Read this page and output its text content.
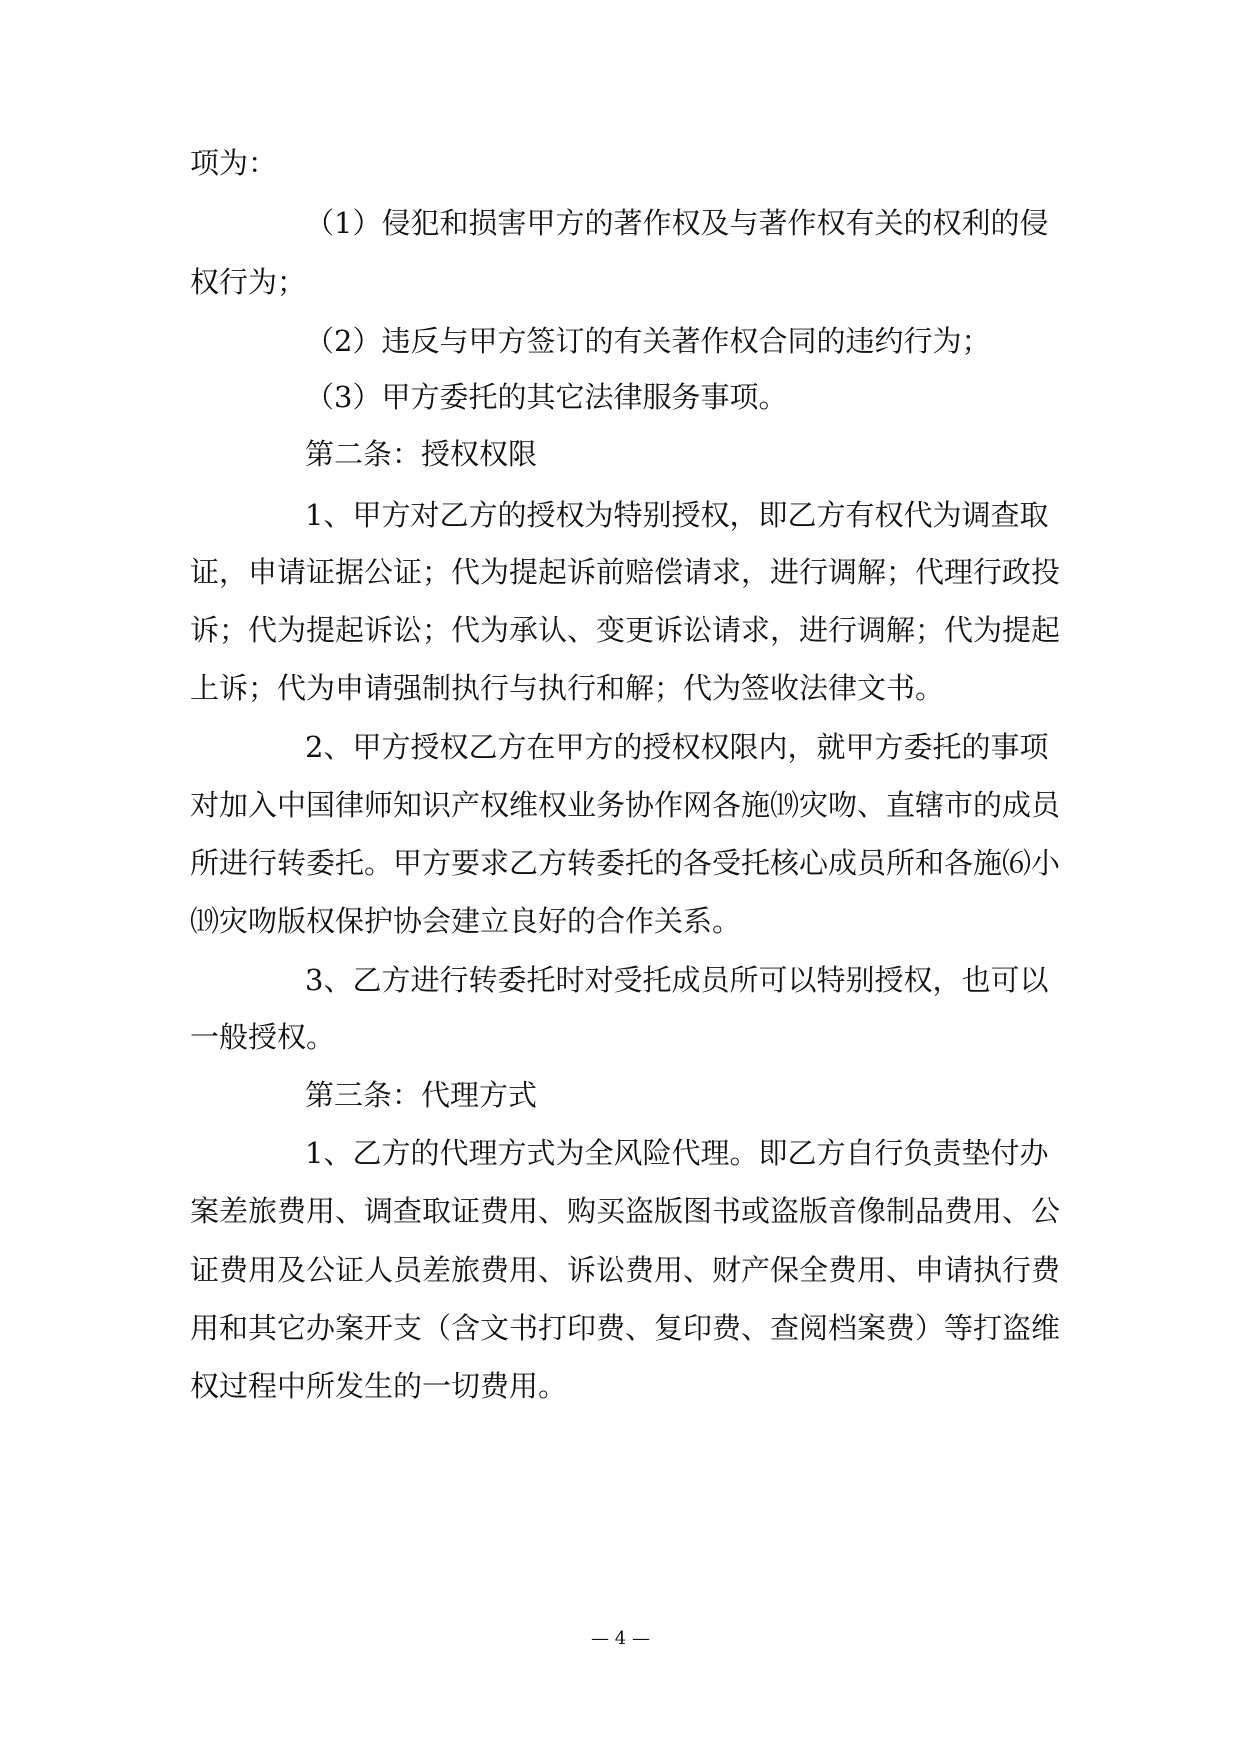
项为：
（1）侵犯和损害甲方的著作权及与著作权有关的权利的侵
权行为；
（2）违反与甲方签订的有关著作权合同的违约行为；
（3）甲方委托的其它法律服务事项。
第二条：授权权限
1、甲方对乙方的授权为特别授权，即乙方有权代为调查取
证，申请证据公证；代为提起诉前赔偿请求，进行调解；代理行政投
诉；代为提起诉讼；代为承认、变更诉讼请求，进行调解；代为提起
上诉；代为申请强制执行与执行和解；代为签收法律文书。
2、甲方授权乙方在甲方的授权权限内，就甲方委托的事项
对加入中国律师知识产权维权业务协作网各施⒆灾吻、直辖市的成员
所进行转委托。甲方要求乙方转委托的各受托核心成员所和各施⑹小
⒆灾吻版权保护协会建立良好的合作关系。
3、乙方进行转委托时对受托成员所可以特别授权，也可以
一般授权。
第三条：代理方式
1、乙方的代理方式为全风险代理。即乙方自行负责垫付办
案差旅费用、调查取证费用、购买盗版图书或盗版音像制品费用、公
证费用及公证人员差旅费用、诉讼费用、财产保全费用、申请执行费
用和其它办案开支（含文书打印费、复印费、查阅档案费）等打盗维
权过程中所发生的一切费用。
— 4 —
